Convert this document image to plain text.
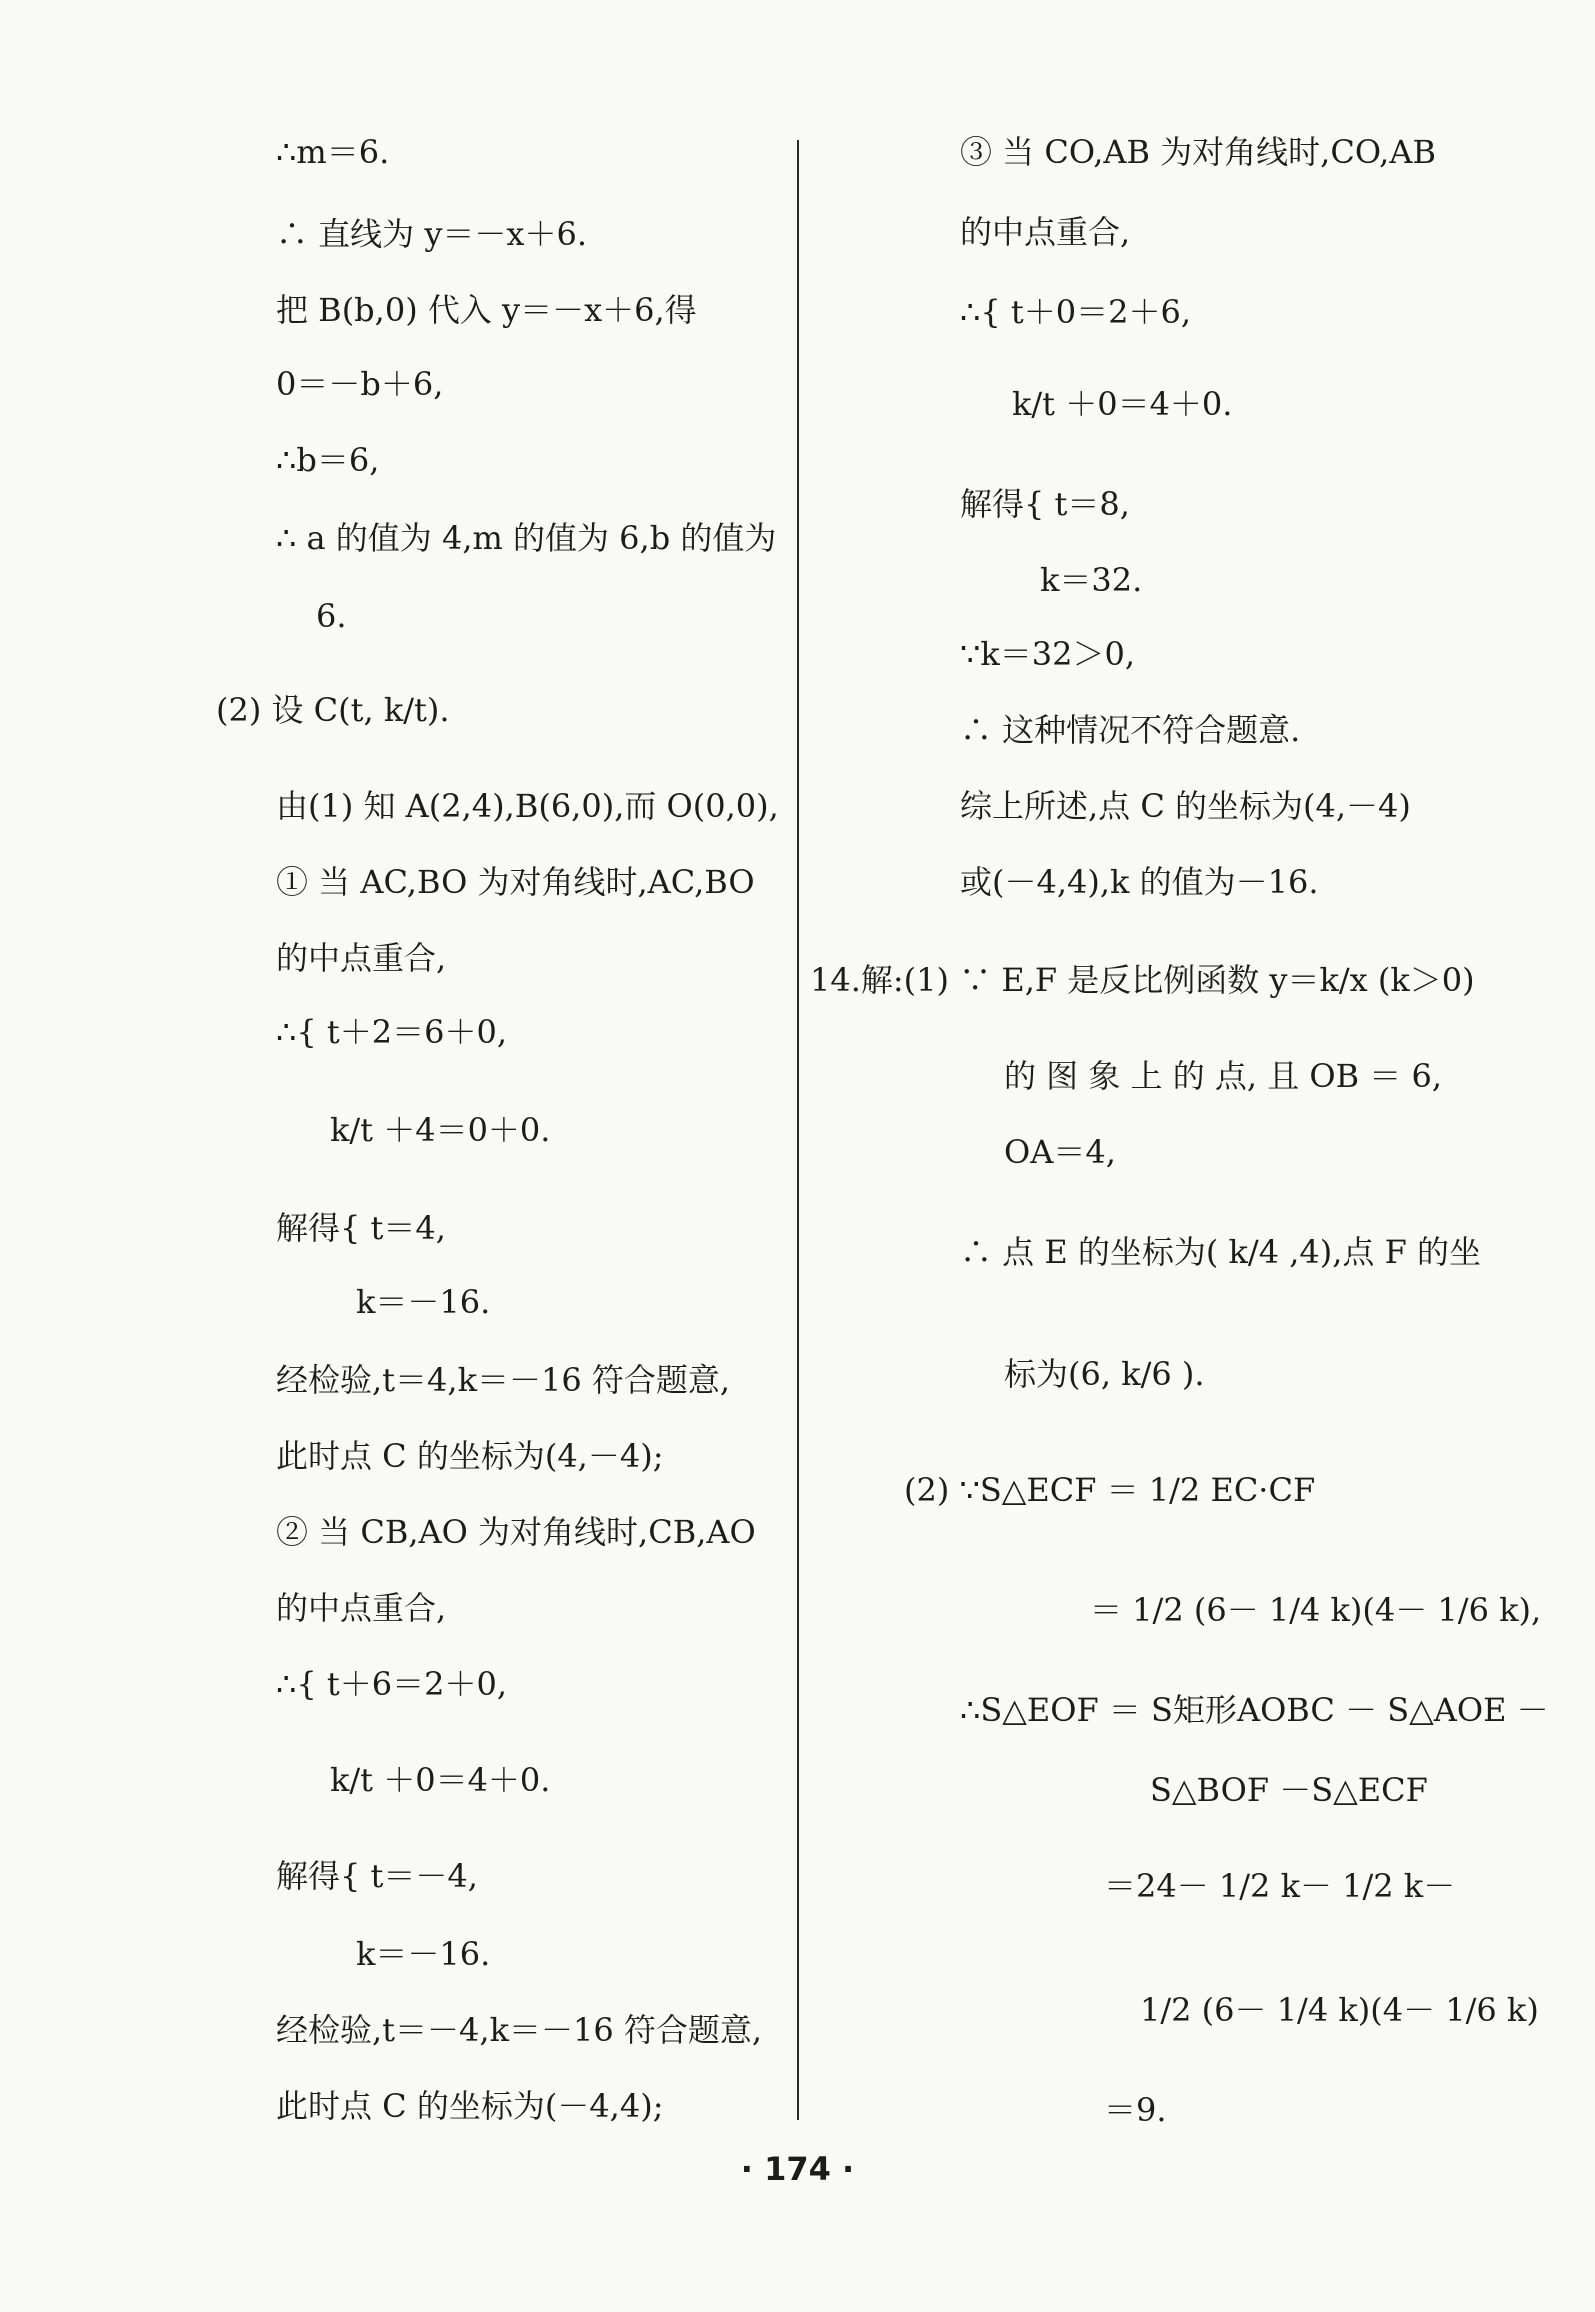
∴m＝6.
∴ 直线为 y＝－x＋6.
把 B(b,0) 代入 y＝－x＋6,得
0＝－b＋6,
∴b＝6,
∴ a 的值为 4,m 的值为 6,b 的值为
6.
(2) 设 C(t, k/t).
由(1) 知 A(2,4),B(6,0),而 O(0,0),
① 当 AC,BO 为对角线时,AC,BO
的中点重合,
∴{ t＋2＝6＋0,
k/t ＋4＝0＋0.
解得{ t＝4,
k＝－16.
经检验,t＝4,k＝－16 符合题意,
此时点 C 的坐标为(4,－4);
② 当 CB,AO 为对角线时,CB,AO
的中点重合,
∴{ t＋6＝2＋0,
k/t ＋0＝4＋0.
解得{ t＝－4,
k＝－16.
经检验,t＝－4,k＝－16 符合题意,
此时点 C 的坐标为(－4,4);
③ 当 CO,AB 为对角线时,CO,AB
的中点重合,
∴{ t＋0＝2＋6,
k/t ＋0＝4＋0.
解得{ t＝8,
k＝32.
∵k＝32＞0,
∴ 这种情况不符合题意.
综上所述,点 C 的坐标为(4,－4)
或(－4,4),k 的值为－16.
14.解:(1) ∵ E,F 是反比例函数 y＝k/x (k＞0)
的 图 象 上 的 点, 且 OB ＝ 6,
OA＝4,
∴ 点 E 的坐标为( k/4 ,4),点 F 的坐
标为(6, k/6 ).
(2) ∵S△ECF ＝ 1/2 EC·CF
＝ 1/2 (6－ 1/4 k)(4－ 1/6 k),
∴S△EOF ＝ S矩形AOBC － S△AOE －
S△BOF －S△ECF
＝24－ 1/2 k－ 1/2 k－
1/2 (6－ 1/4 k)(4－ 1/6 k)
＝9.
· 174 ·
